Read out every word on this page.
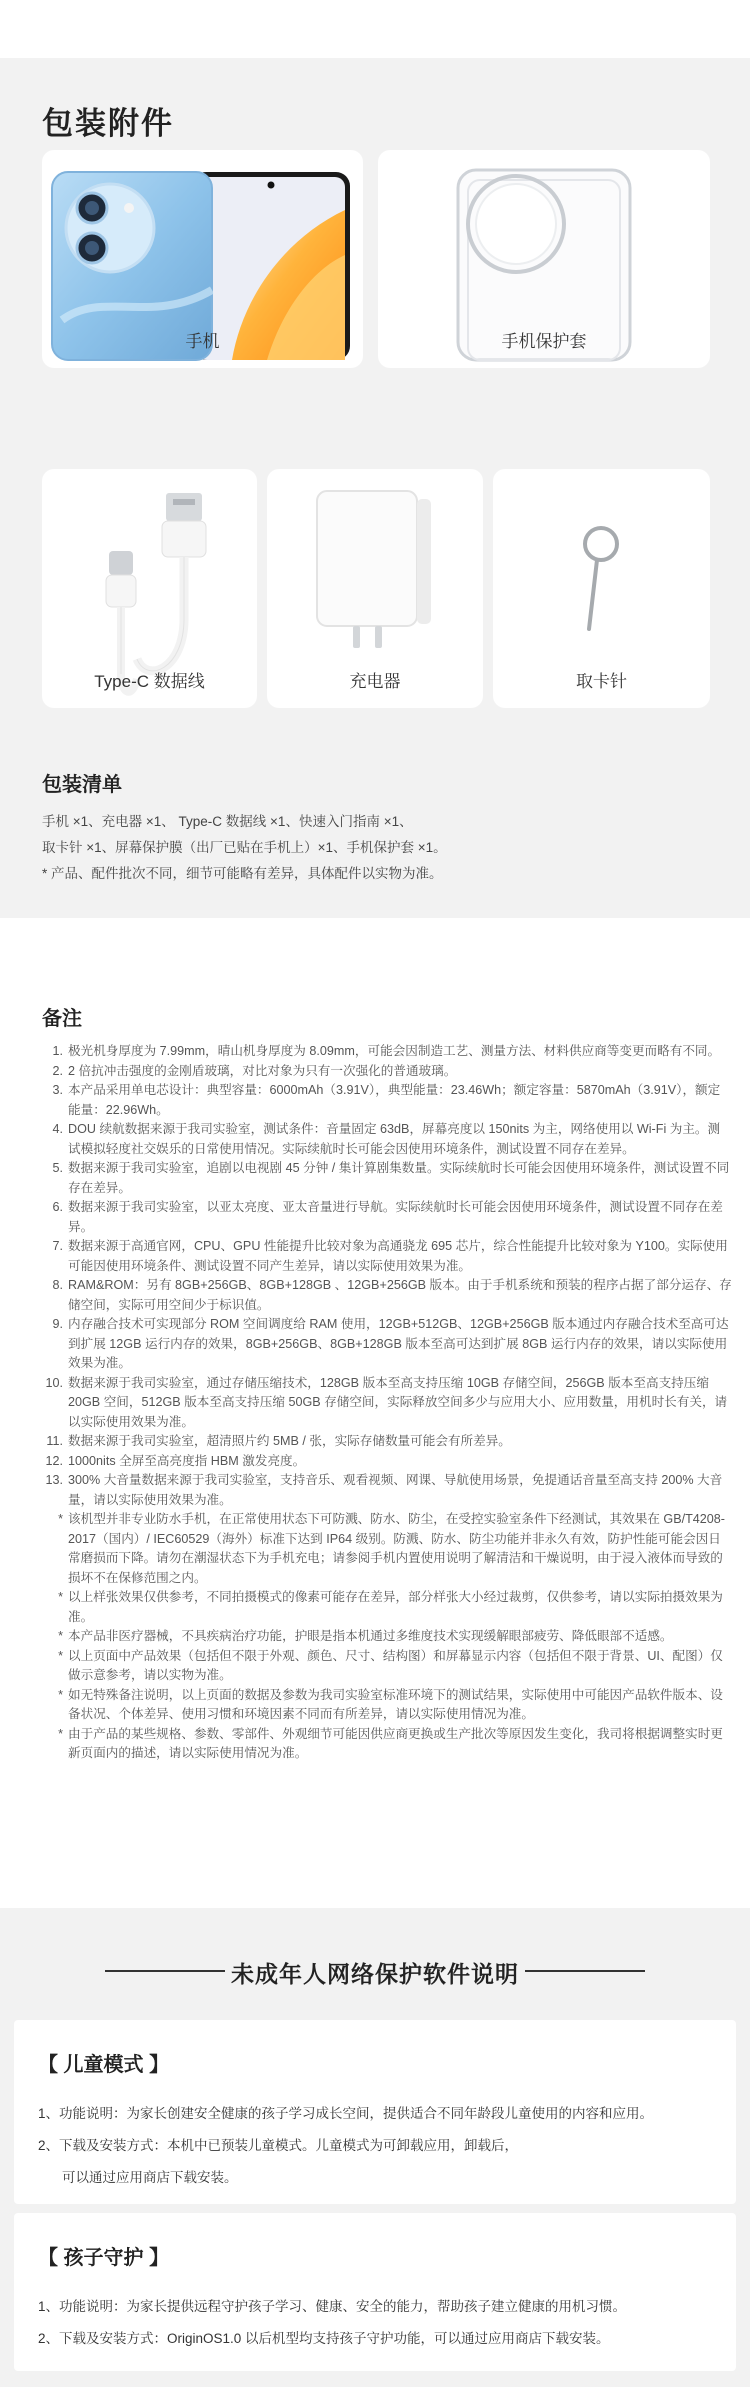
包装附件
手机	手机保护套
Type-C 数据线	充电器	取卡针
包装清单
手机 ×1、充电器 ×1、 Type-C 数据线 ×1、快速入门指南 ×1、
取卡针 ×1、屏幕保护膜（出厂已贴在手机上）×1、手机保护套 ×1。
* 产品、配件批次不同，细节可能略有差异，具体配件以实物为准。
备注
1. 极光机身厚度为 7.99mm，晴山机身厚度为 8.09mm，可能会因制造工艺、测量方法、材料供应商等变更而略有不同。
2. 2 倍抗冲击强度的金刚盾玻璃，对比对象为只有一次强化的普通玻璃。
3. 本产品采用单电芯设计：典型容量：6000mAh（3.91V），典型能量：23.46Wh；额定容量：5870mAh（3.91V），额定能量：22.96Wh。
4. DOU 续航数据来源于我司实验室，测试条件：音量固定 63dB，屏幕亮度以 150nits 为主，网络使用以 Wi-Fi 为主。测试模拟轻度社交娱乐的日常使用情况。实际续航时长可能会因使用环境条件，测试设置不同存在差异。
5. 数据来源于我司实验室，追剧以电视剧 45 分钟 / 集计算剧集数量。实际续航时长可能会因使用环境条件，测试设置不同存在差异。
6. 数据来源于我司实验室，以亚太亮度、亚太音量进行导航。实际续航时长可能会因使用环境条件，测试设置不同存在差异。
7. 数据来源于高通官网，CPU、GPU 性能提升比较对象为高通骁龙 695 芯片，综合性能提升比较对象为 Y100。实际使用可能因使用环境条件、测试设置不同产生差异，请以实际使用效果为准。
8. RAM&ROM：另有 8GB+256GB、8GB+128GB 、12GB+256GB 版本。由于手机系统和预装的程序占据了部分运存、存储空间，实际可用空间少于标识值。
9. 内存融合技术可实现部分 ROM 空间调度给 RAM 使用，12GB+512GB、12GB+256GB 版本通过内存融合技术至高可达到扩展 12GB 运行内存的效果，8GB+256GB、8GB+128GB 版本至高可达到扩展 8GB 运行内存的效果，请以实际使用效果为准。
10. 数据来源于我司实验室，通过存储压缩技术，128GB 版本至高支持压缩 10GB 存储空间，256GB 版本至高支持压缩 20GB 空间，512GB 版本至高支持压缩 50GB 存储空间，实际释放空间多少与应用大小、应用数量，用机时长有关，请以实际使用效果为准。
11. 数据来源于我司实验室，超清照片约 5MB / 张，实际存储数量可能会有所差异。
12. 1000nits 全屏至高亮度指 HBM 激发亮度。
13. 300% 大音量数据来源于我司实验室，支持音乐、观看视频、网课、导航使用场景，免提通话音量至高支持 200% 大音量，请以实际使用效果为准。
* 该机型并非专业防水手机，在正常使用状态下可防溅、防水、防尘，在受控实验室条件下经测试，其效果在 GB/T4208-2017（国内）/ IEC60529（海外）标准下达到 IP64 级别。防溅、防水、防尘功能并非永久有效，防护性能可能会因日常磨损而下降。请勿在潮湿状态下为手机充电；请参阅手机内置使用说明了解清洁和干燥说明，由于浸入液体而导致的损坏不在保修范围之内。
* 以上样张效果仅供参考，不同拍摄模式的像素可能存在差异，部分样张大小经过裁剪，仅供参考，请以实际拍摄效果为准。
* 本产品非医疗器械，不具疾病治疗功能，护眼是指本机通过多维度技术实现缓解眼部疲劳、降低眼部不适感。
* 以上页面中产品效果（包括但不限于外观、颜色、尺寸、结构图）和屏幕显示内容（包括但不限于背景、UI、配图）仅做示意参考，请以实物为准。
* 如无特殊备注说明，以上页面的数据及参数为我司实验室标准环境下的测试结果，实际使用中可能因产品软件版本、设备状况、个体差异、使用习惯和环境因素不同而有所差异，请以实际使用情况为准。
* 由于产品的某些规格、参数、零部件、外观细节可能因供应商更换或生产批次等原因发生变化，我司将根据调整实时更新页面内的描述，请以实际使用情况为准。
未成年人网络保护软件说明
【 儿童模式 】
1、功能说明：为家长创建安全健康的孩子学习成长空间，提供适合不同年龄段儿童使用的内容和应用。
2、下载及安装方式：本机中已预装儿童模式。儿童模式为可卸载应用，卸载后，
可以通过应用商店下载安装。
【 孩子守护 】
1、功能说明：为家长提供远程守护孩子学习、健康、安全的能力，帮助孩子建立健康的用机习惯。
2、下载及安装方式：OriginOS1.0 以后机型均支持孩子守护功能，可以通过应用商店下载安装。
